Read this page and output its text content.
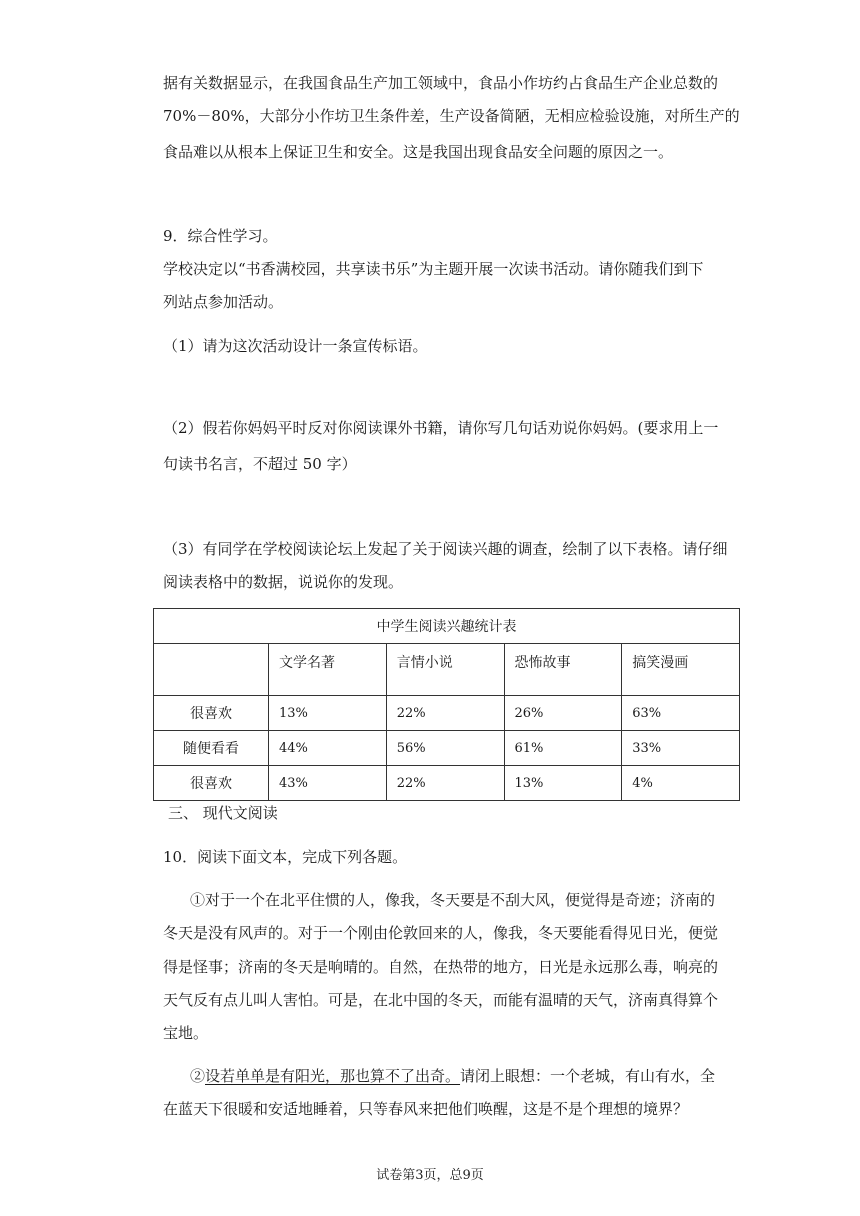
据有关数据显示，在我国食品生产加工领域中，食品小作坊约占食品生产企业总数的
70%－80%，大部分小作坊卫生条件差，生产设备简陋，无相应检验设施，对所生产的
食品难以从根本上保证卫生和安全。这是我国出现食品安全问题的原因之一。
9．综合性学习。
学校决定以“书香满校园，共享读书乐”为主题开展一次读书活动。请你随我们到下
列站点参加活动。
（1）请为这次活动设计一条宣传标语。
（2）假若你妈妈平时反对你阅读课外书籍，请你写几句话劝说你妈妈。(要求用上一
句读书名言，不超过 50 字）
（3）有同学在学校阅读论坛上发起了关于阅读兴趣的调查，绘制了以下表格。请仔细
阅读表格中的数据，说说你的发现。
中学生阅读兴趣统计表				
	文学名著	言情小说	恐怖故事	搞笑漫画
很喜欢	13%	22%	26%	63%
随便看看	44%	56%	61%	33%
很喜欢	43%	22%	13%	4%
三、 现代文阅读
10．阅读下面文本，完成下列各题。
①对于一个在北平住惯的人，像我，冬天要是不刮大风，便觉得是奇迹；济南的
冬天是没有风声的。对于一个刚由伦敦回来的人，像我，冬天要能看得见日光，便觉
得是怪事；济南的冬天是响晴的。自然，在热带的地方，日光是永远那么毒，响亮的
天气反有点儿叫人害怕。可是，在北中国的冬天，而能有温晴的天气，济南真得算个
宝地。
②设若单单是有阳光，那也算不了出奇。请闭上眼想：一个老城，有山有水，全
在蓝天下很暖和安适地睡着，只等春风来把他们唤醒，这是不是个理想的境界？
试卷第3页，总9页
